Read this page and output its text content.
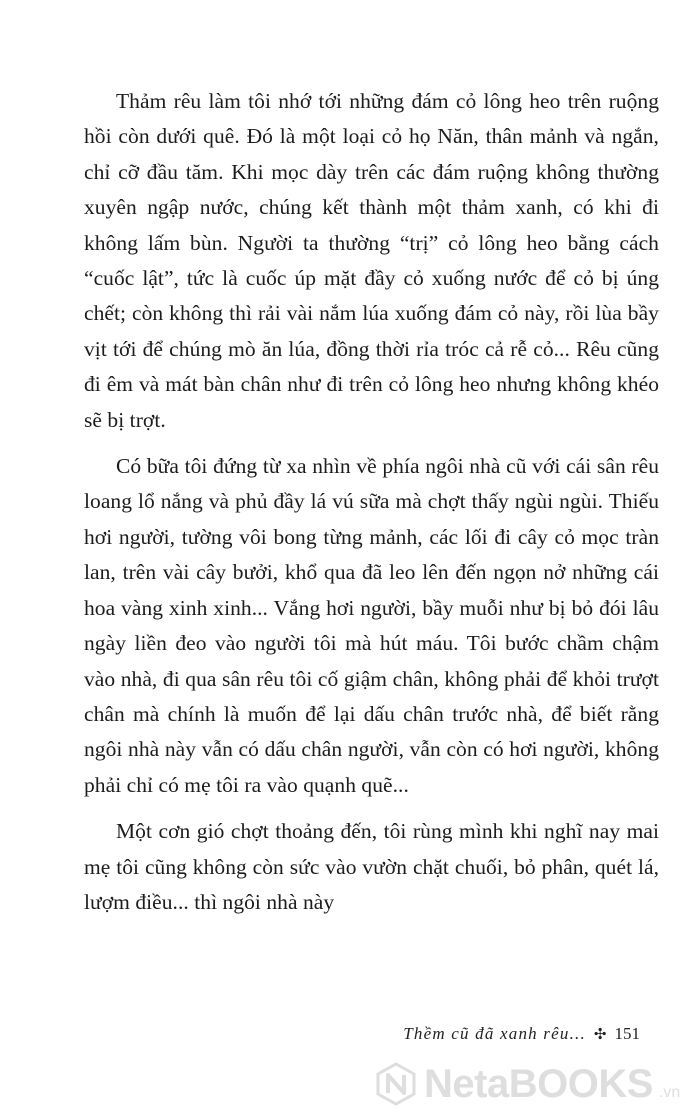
Thảm rêu làm tôi nhớ tới những đám cỏ lông heo trên ruộng hồi còn dưới quê. Đó là một loại cỏ họ Năn, thân mảnh và ngắn, chỉ cỡ đầu tăm. Khi mọc dày trên các đám ruộng không thường xuyên ngập nước, chúng kết thành một thảm xanh, có khi đi không lấm bùn. Người ta thường “trị” cỏ lông heo bằng cách “cuốc lật”, tức là cuốc úp mặt đầy cỏ xuống nước để cỏ bị úng chết; còn không thì rải vài nắm lúa xuống đám cỏ này, rồi lùa bầy vịt tới để chúng mò ăn lúa, đồng thời rỉa tróc cả rễ cỏ... Rêu cũng đi êm và mát bàn chân như đi trên cỏ lông heo nhưng không khéo sẽ bị trợt.

Có bữa tôi đứng từ xa nhìn về phía ngôi nhà cũ với cái sân rêu loang lổ nắng và phủ đầy lá vú sữa mà chợt thấy ngùi ngùi. Thiếu hơi người, tường vôi bong từng mảnh, các lối đi cây cỏ mọc tràn lan, trên vài cây bưởi, khổ qua đã leo lên đến ngọn nở những cái hoa vàng xinh xinh... Vắng hơi người, bầy muỗi như bị bỏ đói lâu ngày liền đeo vào người tôi mà hút máu. Tôi bước chầm chậm vào nhà, đi qua sân rêu tôi cố giậm chân, không phải để khỏi trượt chân mà chính là muốn để lại dấu chân trước nhà, để biết rằng ngôi nhà này vẫn có dấu chân người, vẫn còn có hơi người, không phải chỉ có mẹ tôi ra vào quạnh quẽ...

Một cơn gió chợt thoảng đến, tôi rùng mình khi nghĩ nay mai mẹ tôi cũng không còn sức vào vườn chặt chuối, bỏ phân, quét lá, lượm điều... thì ngôi nhà này

Thềm cũ đã xanh rêu... ✣ 151
NetaBOOKS .vn
